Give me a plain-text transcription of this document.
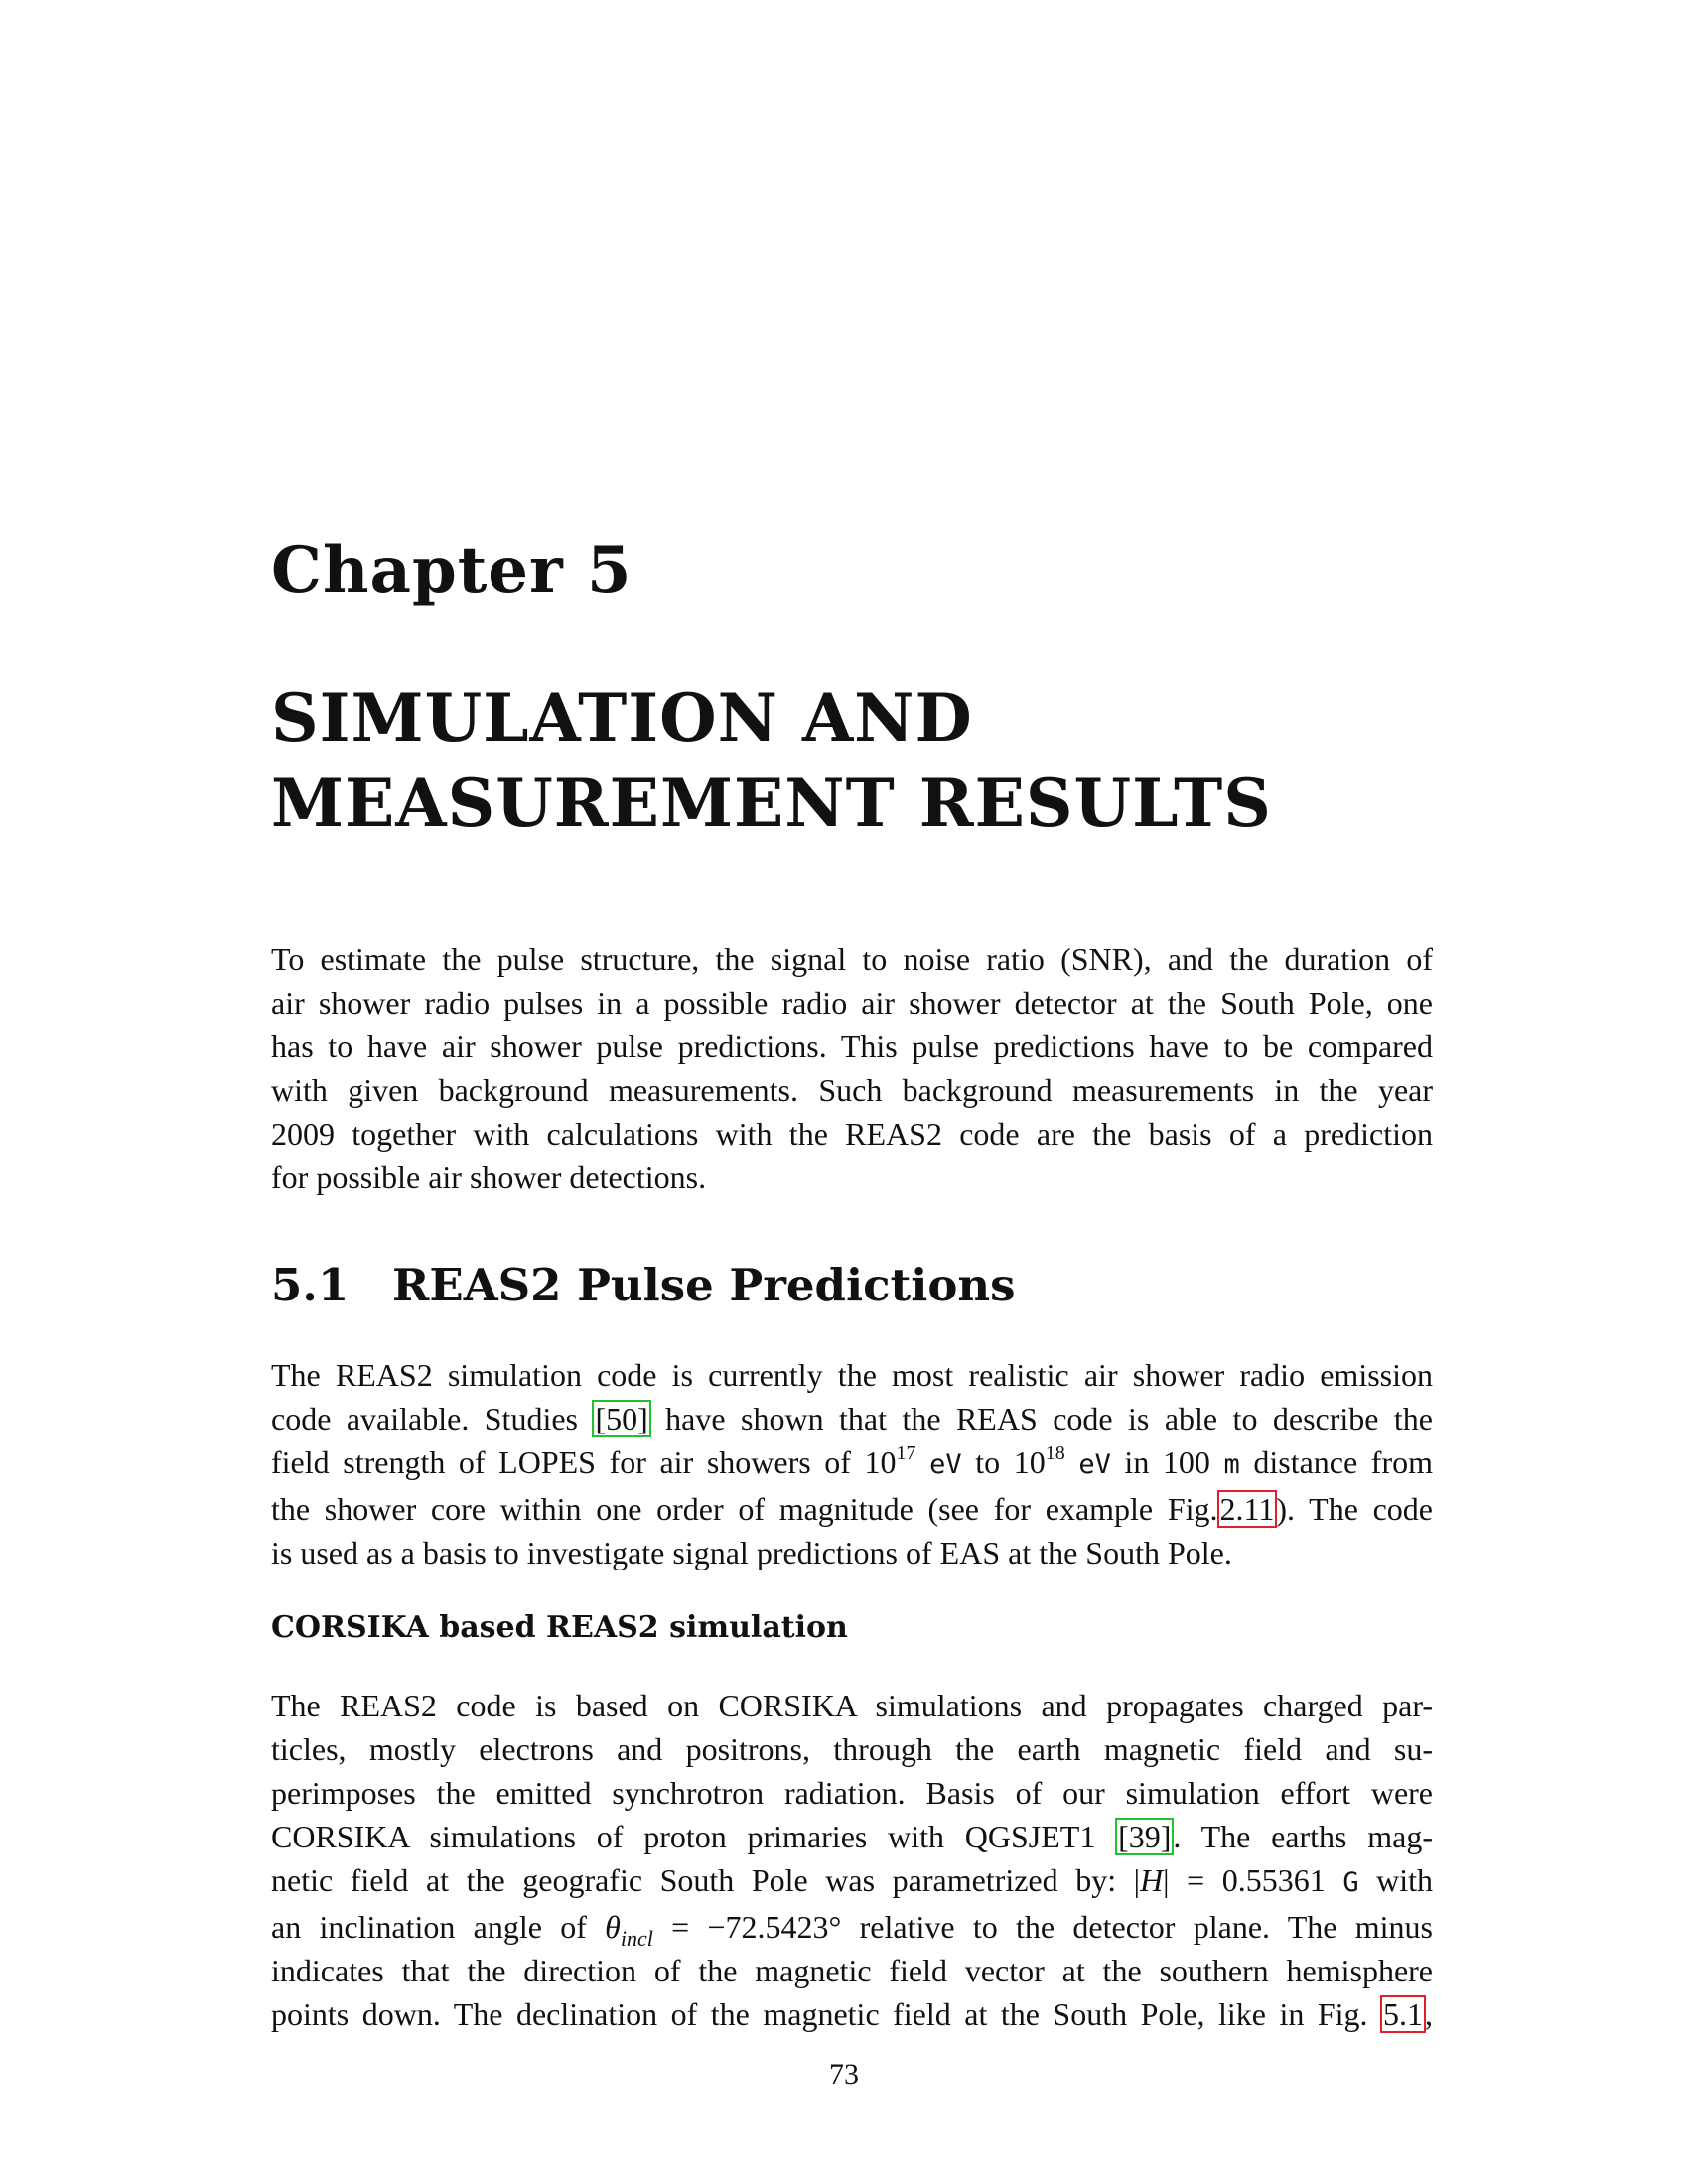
Chapter 5
SIMULATION AND
MEASUREMENT RESULTS

To estimate the pulse structure, the signal to noise ratio (SNR), and the duration of
air shower radio pulses in a possible radio air shower detector at the South Pole, one
has to have air shower pulse predictions. This pulse predictions have to be compared
with given background measurements. Such background measurements in the year
2009 together with calculations with the REAS2 code are the basis of a prediction
for possible air shower detections.

5.1 REAS2 Pulse Predictions

The REAS2 simulation code is currently the most realistic air shower radio emission
code available. Studies [50] have shown that the REAS code is able to describe the
field strength of LOPES for air showers of $10^{17}$ eV to $10^{18}$ eV in 100 m distance from
the shower core within one order of magnitude (see for example Fig.2.11). The code
is used as a basis to investigate signal predictions of EAS at the South Pole.

CORSIKA based REAS2 simulation

The REAS2 code is based on CORSIKA simulations and propagates charged par-
ticles, mostly electrons and positrons, through the earth magnetic field and su-
perimposes the emitted synchrotron radiation. Basis of our simulation effort were
CORSIKA simulations of proton primaries with QGSJET1 [39]. The earths mag-
netic field at the geografic South Pole was parametrized by: |H| = 0.55361 G with
an inclination angle of $\theta_{incl} = -72.5423^\circ$ relative to the detector plane. The minus
indicates that the direction of the magnetic field vector at the southern hemisphere
points down. The declination of the magnetic field at the South Pole, like in Fig. 5.1,

73
